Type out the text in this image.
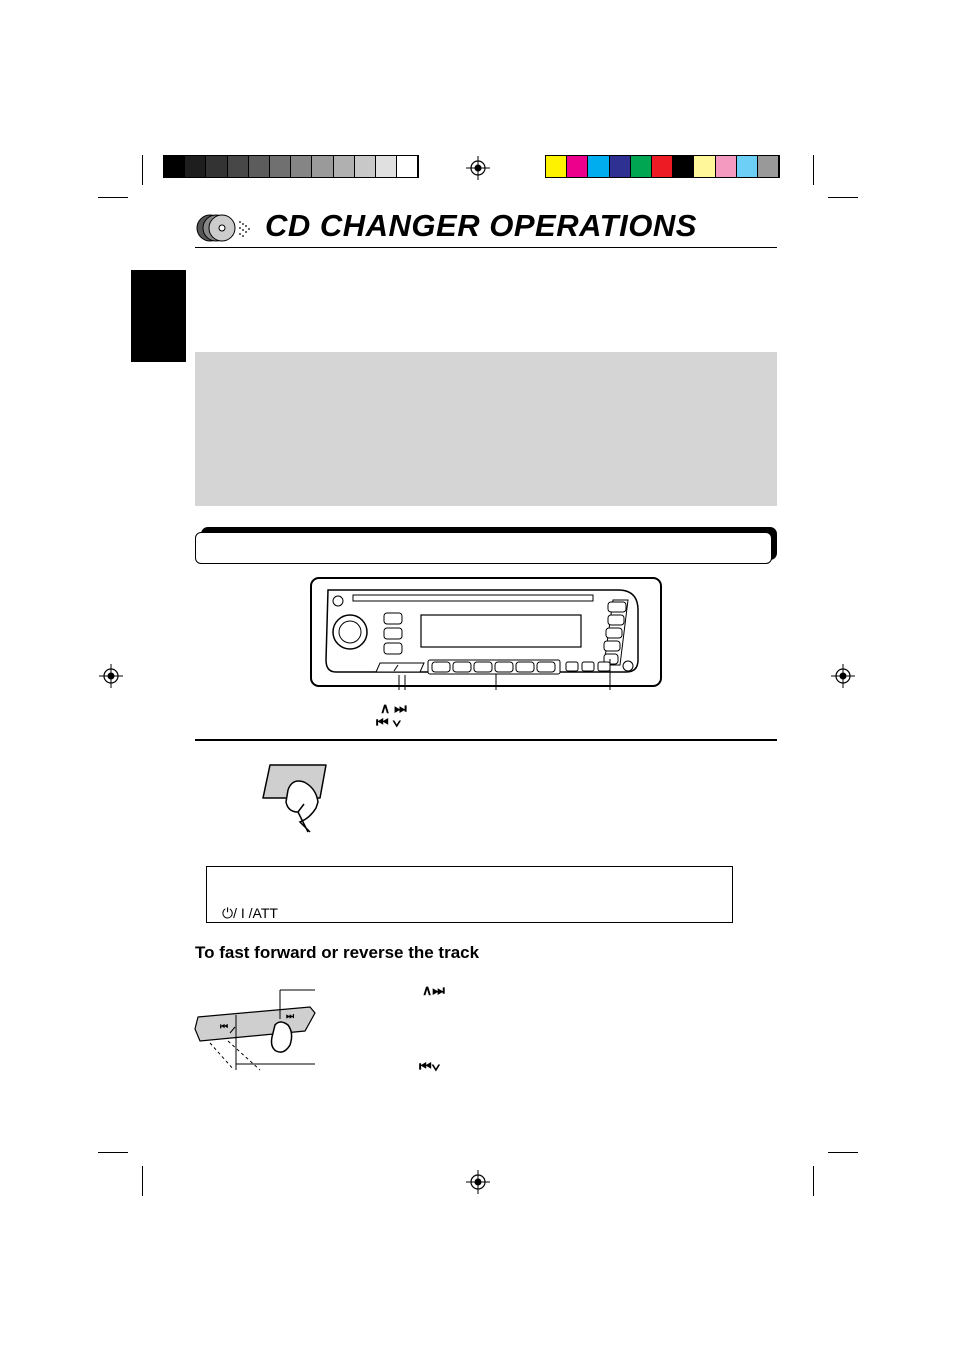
CD CHANGER OPERATIONS
∧ ⏭
⏮ ∨
⏻/ I /ATT
To fast forward or reverse the track
⏮
⏭
∧⏭
⏮∨
